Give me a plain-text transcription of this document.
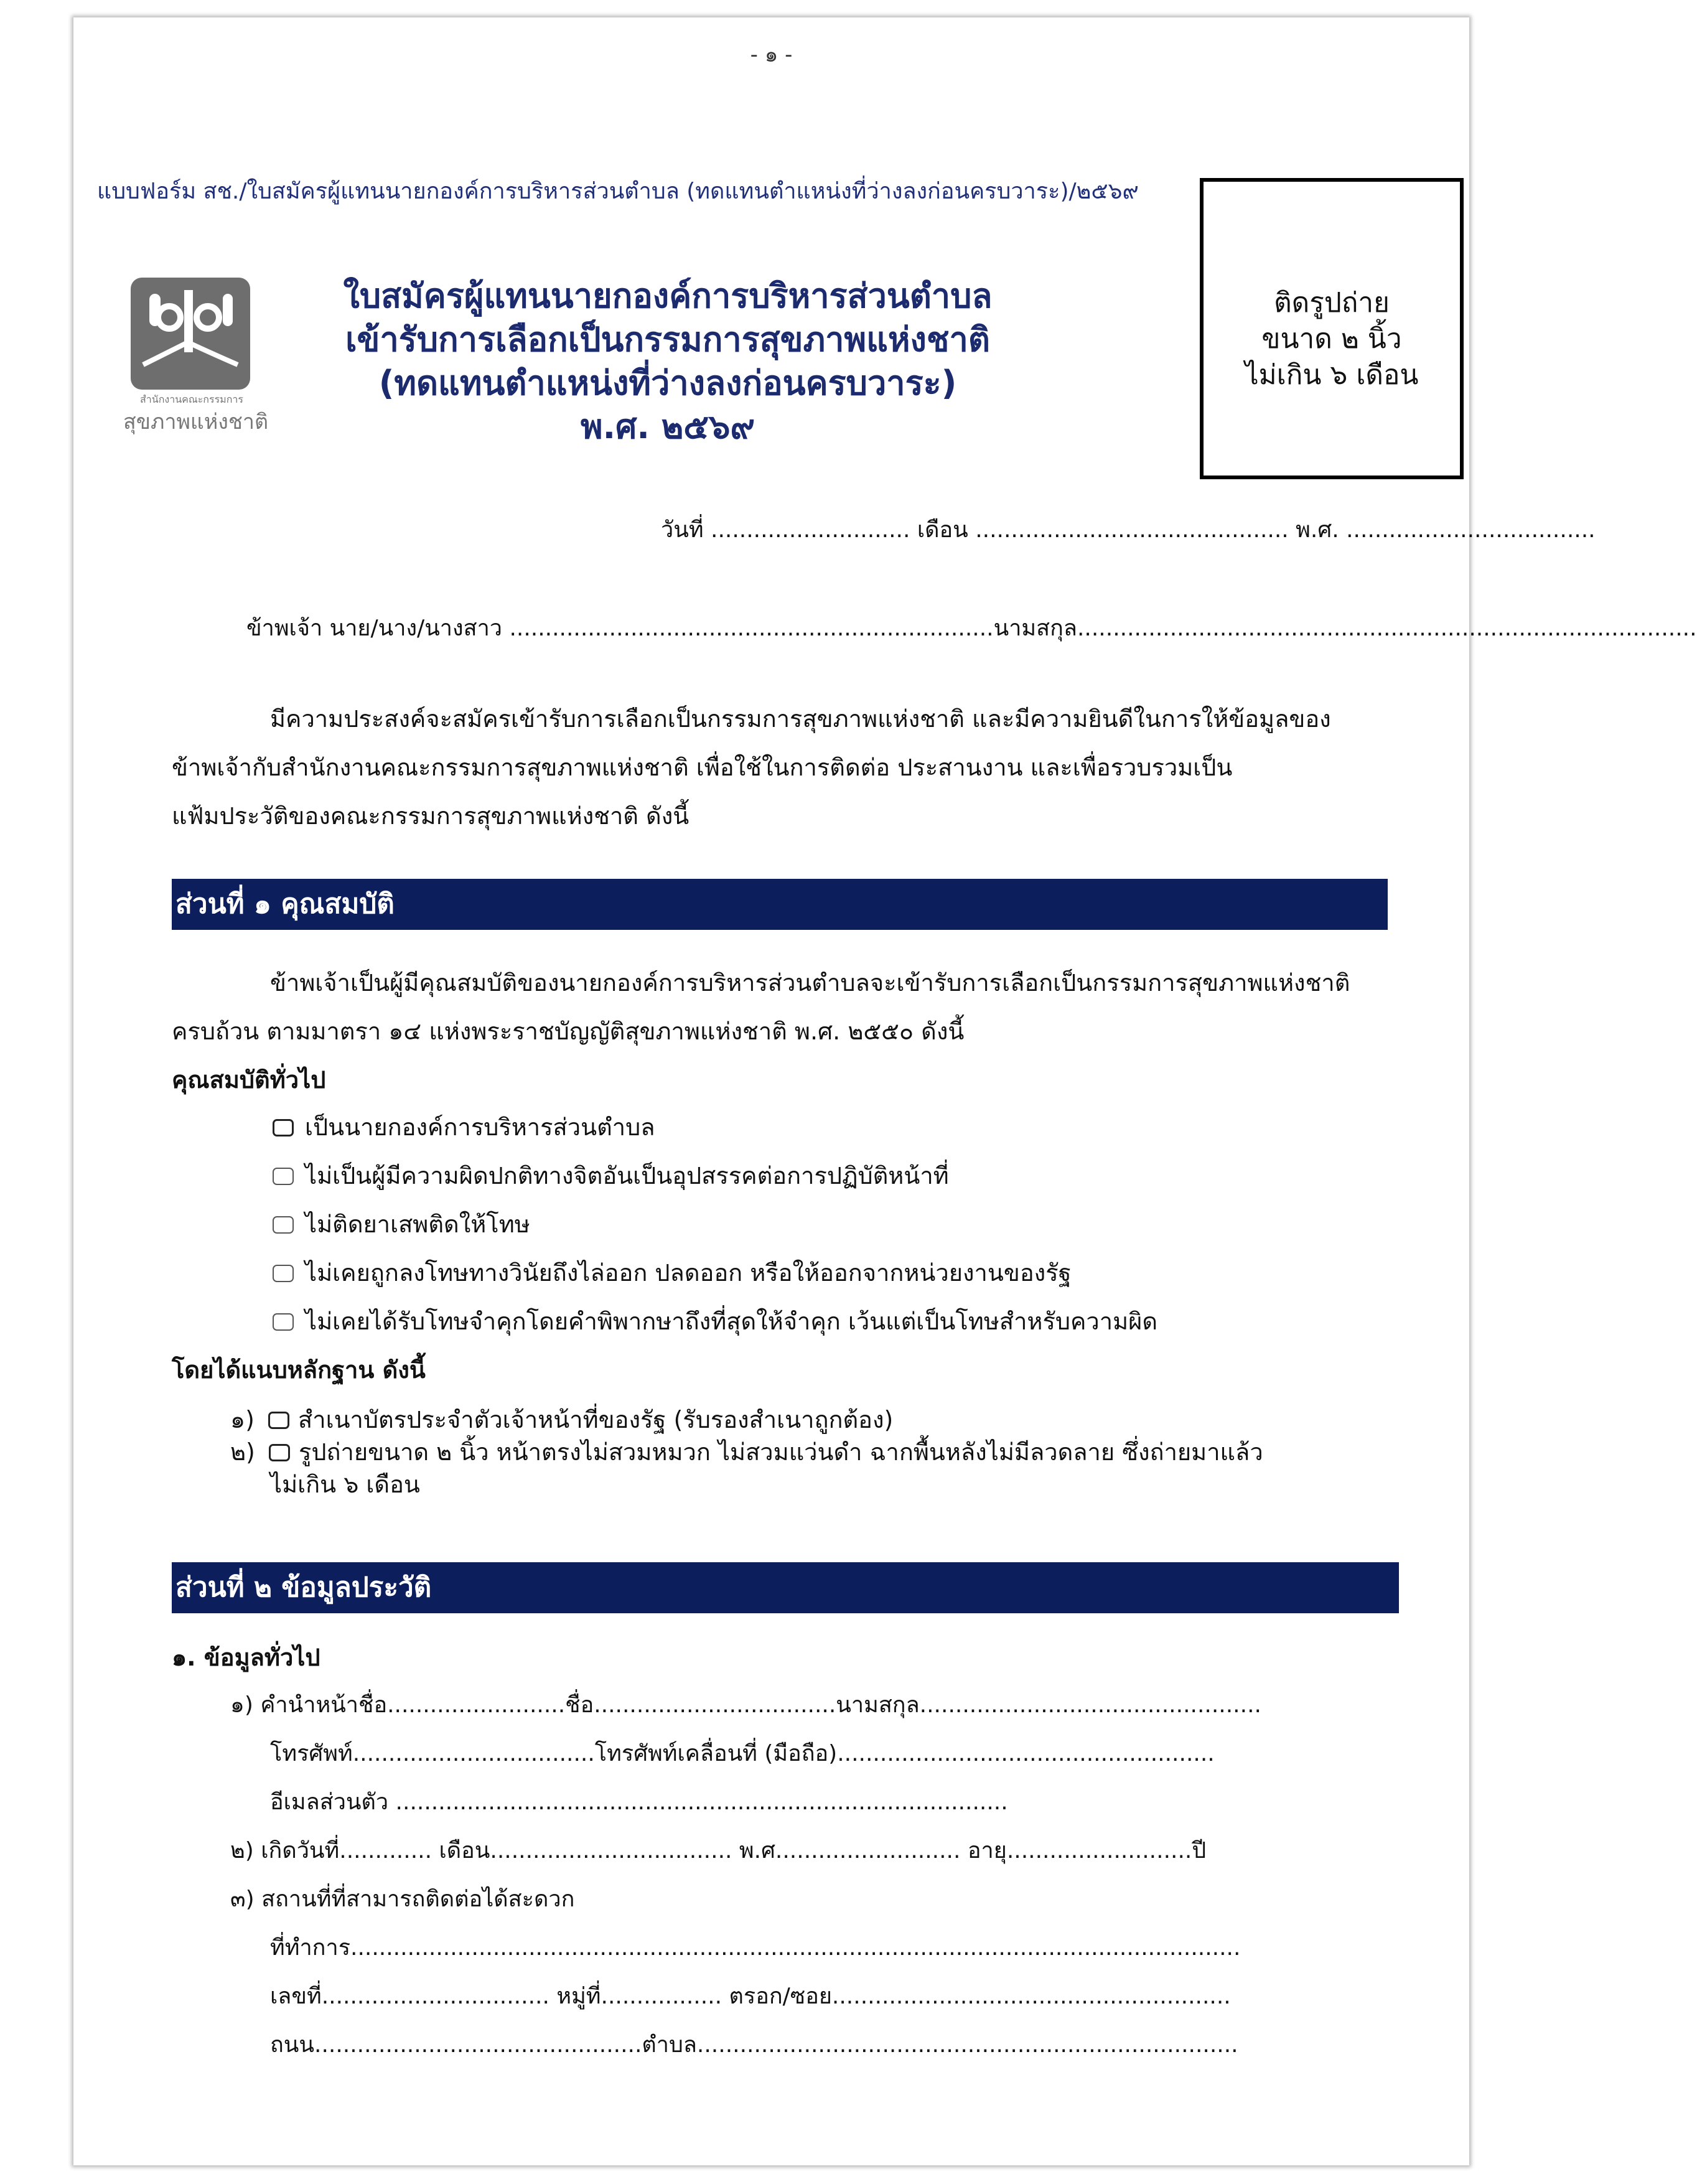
- ๑ -
แบบฟอร์ม สช./ใบสมัครผู้แทนนายกองค์การบริหารส่วนตำบล (ทดแทนตำแหน่งที่ว่างลงก่อนครบวาระ)/๒๕๖๙
ติดรูปถ่าย
ขนาด ๒ นิ้ว
ไม่เกิน ๖ เดือน
สำนักงานคณะกรรมการ
สุขภาพแห่งชาติ
ใบสมัครผู้แทนนายกองค์การบริหารส่วนตำบล
เข้ารับการเลือกเป็นกรรมการสุขภาพแห่งชาติ
(ทดแทนตำแหน่งที่ว่างลงก่อนครบวาระ)
พ.ศ. ๒๕๖๙
วันที่ ............................ เดือน ............................................ พ.ศ. ...................................
ข้าพเจ้า นาย/นาง/นางสาว ....................................................................นามสกุล.......................................................................................
มีความประสงค์จะสมัครเข้ารับการเลือกเป็นกรรมการสุขภาพแห่งชาติ และมีความยินดีในการให้ข้อมูลของ
ข้าพเจ้ากับสำนักงานคณะกรรมการสุขภาพแห่งชาติ เพื่อใช้ในการติดต่อ ประสานงาน และเพื่อรวบรวมเป็น
แฟ้มประวัติของคณะกรรมการสุขภาพแห่งชาติ ดังนี้
ส่วนที่ ๑ คุณสมบัติ
ข้าพเจ้าเป็นผู้มีคุณสมบัติของนายกองค์การบริหารส่วนตำบลจะเข้ารับการเลือกเป็นกรรมการสุขภาพแห่งชาติ
ครบถ้วน ตามมาตรา ๑๔ แห่งพระราชบัญญัติสุขภาพแห่งชาติ พ.ศ. ๒๕๕๐ ดังนี้
คุณสมบัติทั่วไป
เป็นนายกองค์การบริหารส่วนตำบล
ไม่เป็นผู้มีความผิดปกติทางจิตอันเป็นอุปสรรคต่อการปฏิบัติหน้าที่
ไม่ติดยาเสพติดให้โทษ
ไม่เคยถูกลงโทษทางวินัยถึงไล่ออก ปลดออก หรือให้ออกจากหน่วยงานของรัฐ
ไม่เคยได้รับโทษจำคุกโดยคำพิพากษาถึงที่สุดให้จำคุก เว้นแต่เป็นโทษสำหรับความผิด
โดยได้แนบหลักฐาน ดังนี้
๑) สำเนาบัตรประจำตัวเจ้าหน้าที่ของรัฐ (รับรองสำเนาถูกต้อง)
๒) รูปถ่ายขนาด ๒ นิ้ว หน้าตรงไม่สวมหมวก ไม่สวมแว่นดำ ฉากพื้นหลังไม่มีลวดลาย ซึ่งถ่ายมาแล้ว
ไม่เกิน ๖ เดือน
ส่วนที่ ๒ ข้อมูลประวัติ
๑. ข้อมูลทั่วไป
๑) คำนำหน้าชื่อ.........................ชื่อ..................................นามสกุล................................................
โทรศัพท์..................................โทรศัพท์เคลื่อนที่ (มือถือ).....................................................
อีเมลส่วนตัว ......................................................................................
๒) เกิดวันที่............. เดือน.................................. พ.ศ.......................... อายุ..........................ปี
๓) สถานที่ที่สามารถติดต่อได้สะดวก
ที่ทำการ.............................................................................................................................
เลขที่................................ หมู่ที่................. ตรอก/ซอย........................................................
ถนน..............................................ตำบล............................................................................
